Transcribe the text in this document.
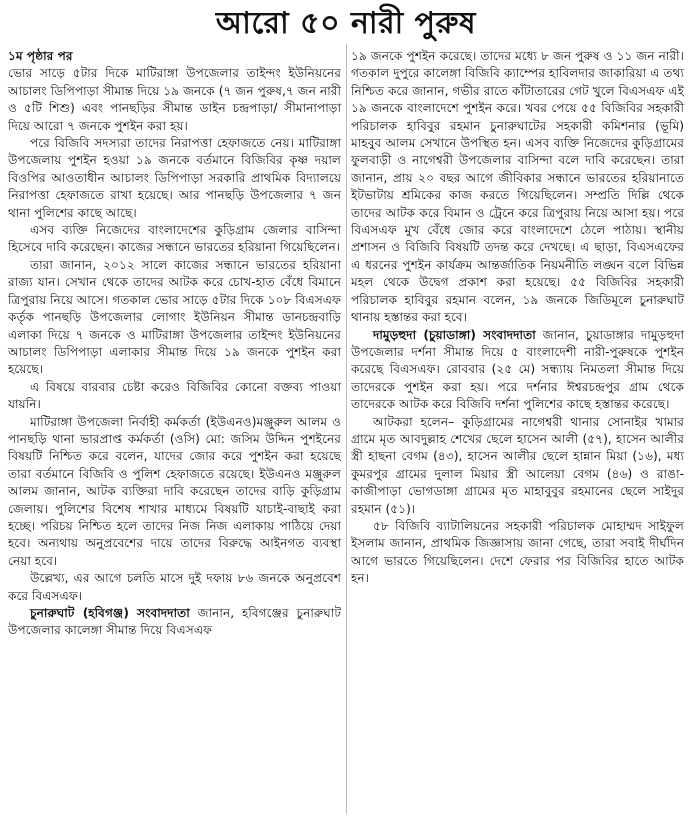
আরো ৫০ নারী পুরুষ

১ম পৃষ্ঠার পর

ভোর সাড়ে ৫টার দিকে মাটিরাঙ্গা উপজেলার তাইন্দং ইউনিয়নের আচালং ডিপিপাড়া সীমান্ত দিয়ে ১৯ জনকে (৭ জন পুরুষ,৭ জন নারী ও ৫টি শিশু) এবং পানছড়ির সীমান্ত ডাইন চন্দ্রপাড়া/ সীমানাপাড়া দিয়ে আরো ৭ জনকে পুশইন করা হয়।

পরে বিজিবি সদস্যরা তাদের নিরাপত্তা হেফাজতে নেয়। মাটিরাঙ্গা উপজেলায় পুশইন হওয়া ১৯ জনকে বর্তমানে বিজিবির কৃষ্ণ দয়াল বিওপির আওতাধীন আচালং ডিপিপাড়া সরকারি প্রাথমিক বিদ্যালয়ে নিরাপত্তা হেফাজতে রাখা হয়েছে। আর পানছড়ি উপজেলার ৭ জন থানা পুলিশের কাছে আছে।

এসব ব্যক্তি নিজেদের বাংলাদেশের কুড়িগ্রাম জেলার বাসিন্দা হিসেবে দাবি করেছেন। কাজের সন্ধানে ভারতের হরিয়ানা গিয়েছিলেন।

তারা জানান, ২০১২ সালে কাজের সন্ধানে ভারতের হরিয়ানা রাজ্য যান। সেখান থেকে তাদের আটক করে চোখ-হাত বেঁধে বিমানে ত্রিপুরায় নিয়ে আসে। গতকাল ভোর সাড়ে ৫টার দিকে ১০৮ বিএসএফ কর্তৃক পানছড়ি উপজেলার লোগাং ইউনিয়ন সীমান্ত ডানচন্দ্রবাড়ি এলাকা দিয়ে ৭ জনকে ও মাটিরাঙ্গা উপজেলার তাইন্দং ইউনিয়নের আচালং ডিপিপাড়া এলাকার সীমান্ত দিয়ে ১৯ জনকে পুশইন করা হয়েছে।

এ বিষয়ে বারবার চেষ্টা করেও বিজিবির কোনো বক্তব্য পাওয়া যায়নি।

মাটিরাঙ্গা উপজেলা নির্বাহী কর্মকর্তা (ইউএনও)মঞ্জুরুল আলম ও পানছড়ি থানা ভারপ্রাপ্ত কর্মকর্তা (ওসি) মো: জসিম উদ্দিন পুশইনের বিষয়টি নিশ্চিত করে বলেন, যাদের জোর করে পুশইন করা হয়েছে তারা বর্তমানে বিজিবি ও পুলিশ হেফাজতে রয়েছে। ইউএনও মঞ্জুরুল আলম জানান, আটক ব্যক্তিরা দাবি করেছেন তাদের বাড়ি কুড়িগ্রাম জেলায়। পুলিশের বিশেষ শাখার মাধ্যমে বিষয়টি যাচাই-বাছাই করা হচ্ছে। পরিচয় নিশ্চিত হলে তাদের নিজ নিজ এলাকায় পাঠিয়ে দেয়া হবে। অন্যথায় অনুপ্রবেশের দায়ে তাদের বিরুদ্ধে আইনগত ব্যবস্থা নেয়া হবে।

উল্লেখ্য, এর আগে চলতি মাসে দুই দফায় ৮৬ জনকে অনুপ্রবেশ করে বিএসএফ।

চুনারুঘাট (হবিগঞ্জ) সংবাদদাতা জানান, হবিগঞ্জের চুনারুঘাট উপজেলার কালেঙ্গা সীমান্ত দিয়ে বিএসএফ

১৯ জনকে পুশইন করেছে। তাদের মধ্যে ৮ জন পুরুষ ও ১১ জন নারী। গতকাল দুপুরে কালেঙ্গা বিজিবি ক্যাম্পের হাবিলদার জাকারিয়া এ তথ্য নিশ্চিত করে জানান, গভীর রাতে কাঁটাতারের গেট খুলে বিএসএফ এই ১৯ জনকে বাংলাদেশে পুশইন করে। খবর পেয়ে ৫৫ বিজিবির সহকারী পরিচালক হাবিবুর রহমান চুনারুঘাটের সহকারী কমিশনার (ভূমি) মাহবুব আলম সেখানে উপস্থিত হন। এসব ব্যক্তি নিজেদের কুড়িগ্রামের ফুলবাড়ী ও নাগেশ্বরী উপজেলার বাসিন্দা বলে দাবি করেছেন। তারা জানান, প্রায় ২০ বছর আগে জীবিকার সন্ধানে ভারতের হরিয়ানাতে ইটভাটায় শ্রমিকের কাজ করতে গিয়েছিলেন। সম্প্রতি দিল্লি থেকে তাদের আটক করে বিমান ও ট্রেনে করে ত্রিপুরায় নিয়ে আসা হয়। পরে বিএসএফ মুখ বেঁধে জোর করে বাংলাদেশে ঠেলে পাঠায়। স্থানীয় প্রশাসন ও বিজিবি বিষয়টি তদন্ত করে দেখছে। এ ছাড়া, বিএসএফের এ ধরনের পুশইন কার্যক্রম আন্তর্জাতিক নিয়মনীতি লঙ্ঘন বলে বিভিন্ন মহল থেকে উদ্বেগ প্রকাশ করা হয়েছে। ৫৫ বিজিবির সহকারী পরিচালক হাবিবুর রহমান বলেন, ১৯ জনকে জিডিমূলে চুনারুঘাট থানায় হস্তান্তর করা হবে।

দামুড়হুদা (চুয়াডাঙ্গা) সংবাদদাতা জানান, চুয়াডাঙ্গার দামুড়হুদা উপজেলার দর্শনা সীমান্ত দিয়ে ৫ বাংলাদেশী নারী-পুরুষকে পুশইন করেছে বিএসএফ। রোববার (২৫ মে) সন্ধ্যায় নিমতলা সীমান্ত দিয়ে তাদেরকে পুশইন করা হয়। পরে দর্শনার ঈশ্বরচন্দ্রপুর গ্রাম থেকে তাদেরকে আটক করে বিজিবি দর্শনা পুলিশের কাছে হস্তান্তর করেছে।

আটকরা হলেন– কুড়িগ্রামের নাগেশ্বরী থানার সোনাইর খামার গ্রামে মৃত আবদুল্লাহ শেখের ছেলে হাসেন আলী (৫৭), হাসেন আলীর স্ত্রী হাছনা বেগম (৪৩), হাসেন আলীর ছেলে হান্নান মিয়া (১৬), মধ্য কুমরপুর গ্রামের দুলাল মিয়ার স্ত্রী আলেয়া বেগম (৪৬) ও রাঙা-কাজীপাড়া ভোগডাঙ্গা গ্রামের মৃত মাহাবুবুর রহমানের ছেলে সাইদুর রহমান (৫১)।

৫৮ বিজিবি ব্যাটালিয়নের সহকারী পরিচালক মোহাম্মদ সাইফুল ইসলাম জানান, প্রাথমিক জিজ্ঞাসায় জানা গেছে, তারা সবাই দীর্ঘদিন আগে ভারতে গিয়েছিলেন। দেশে ফেরার পর বিজিবির হাতে আটক হন।
